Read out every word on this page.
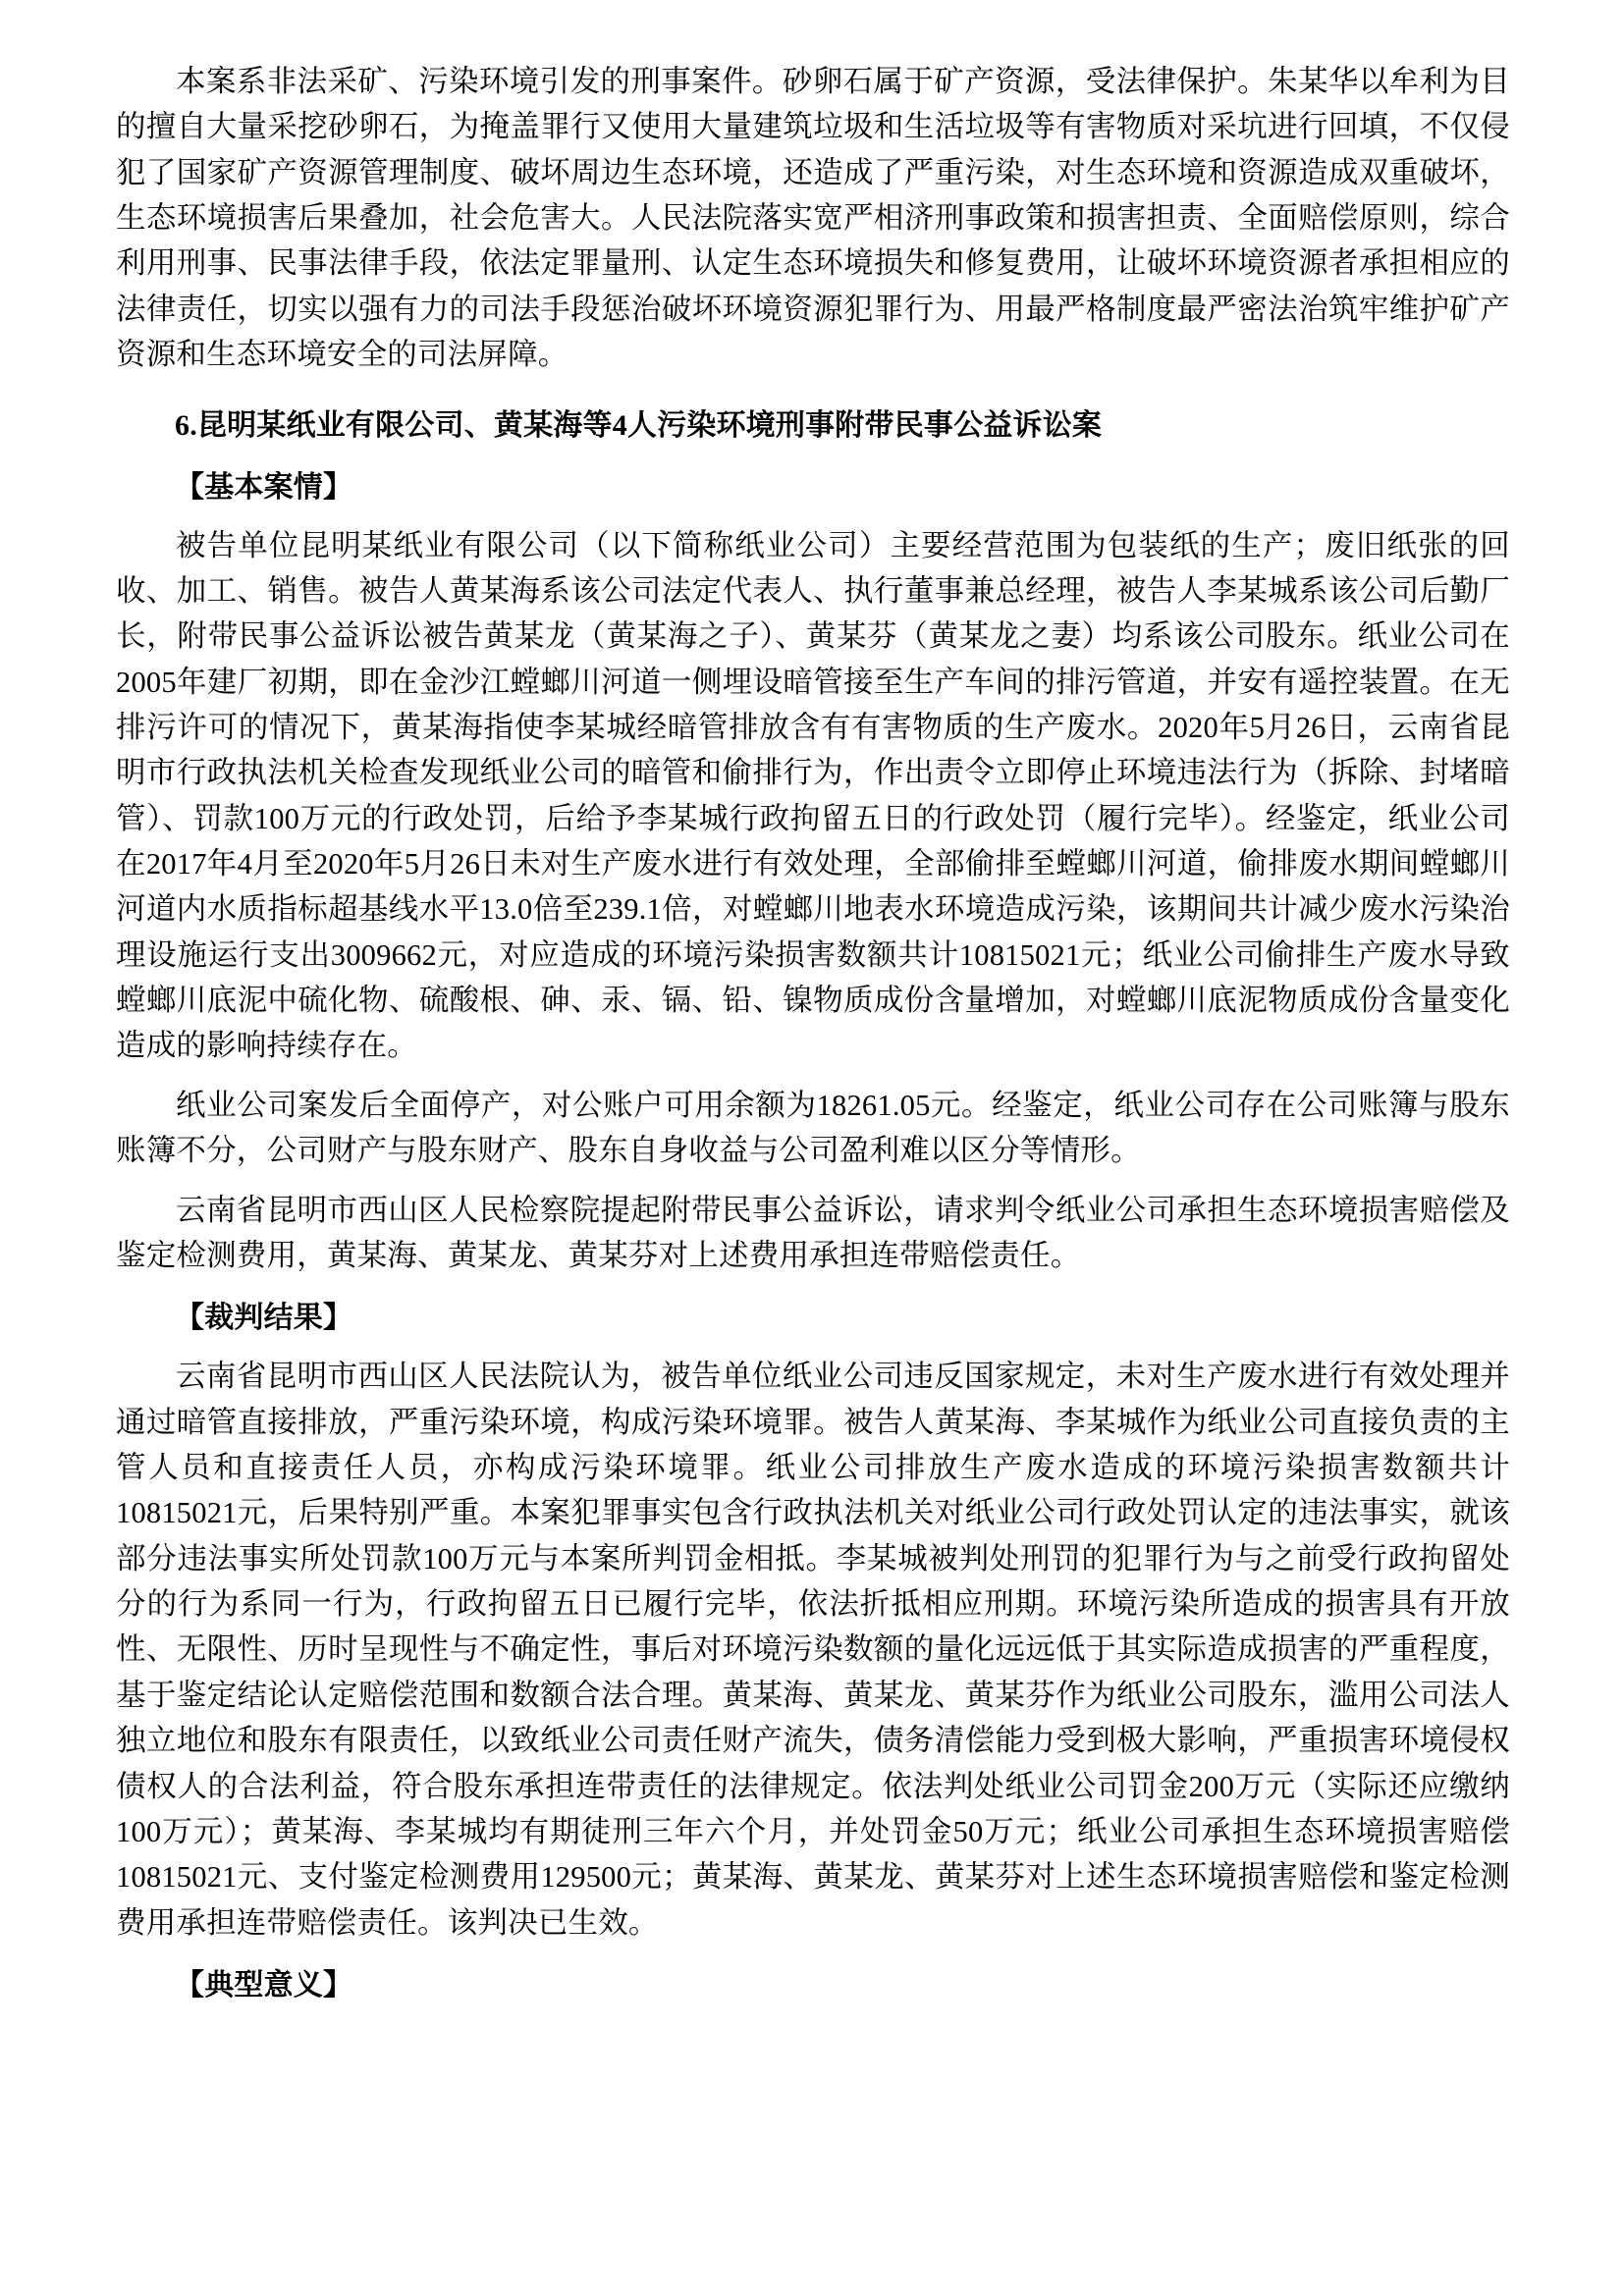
本案系非法采矿、污染环境引发的刑事案件。砂卵石属于矿产资源，受法律保护。朱某华以牟利为目的擅自大量采挖砂卵石，为掩盖罪行又使用大量建筑垃圾和生活垃圾等有害物质对采坑进行回填，不仅侵犯了国家矿产资源管理制度、破坏周边生态环境，还造成了严重污染，对生态环境和资源造成双重破坏，生态环境损害后果叠加，社会危害大。人民法院落实宽严相济刑事政策和损害担责、全面赔偿原则，综合利用刑事、民事法律手段，依法定罪量刑、认定生态环境损失和修复费用，让破坏环境资源者承担相应的法律责任，切实以强有力的司法手段惩治破坏环境资源犯罪行为、用最严格制度最严密法治筑牢维护矿产资源和生态环境安全的司法屏障。

6.昆明某纸业有限公司、黄某海等4人污染环境刑事附带民事公益诉讼案
【基本案情】

被告单位昆明某纸业有限公司（以下简称纸业公司）主要经营范围为包装纸的生产；废旧纸张的回收、加工、销售。被告人黄某海系该公司法定代表人、执行董事兼总经理，被告人李某城系该公司后勤厂长，附带民事公益诉讼被告黄某龙（黄某海之子）、黄某芬（黄某龙之妻）均系该公司股东。纸业公司在2005年建厂初期，即在金沙江螳螂川河道一侧埋设暗管接至生产车间的排污管道，并安有遥控装置。在无排污许可的情况下，黄某海指使李某城经暗管排放含有有害物质的生产废水。2020年5月26日，云南省昆明市行政执法机关检查发现纸业公司的暗管和偷排行为，作出责令立即停止环境违法行为（拆除、封堵暗管）、罚款100万元的行政处罚，后给予李某城行政拘留五日的行政处罚（履行完毕）。经鉴定，纸业公司在2017年4月至2020年5月26日未对生产废水进行有效处理，全部偷排至螳螂川河道，偷排废水期间螳螂川河道内水质指标超基线水平13.0倍至239.1倍，对螳螂川地表水环境造成污染，该期间共计减少废水污染治理设施运行支出3009662元，对应造成的环境污染损害数额共计10815021元；纸业公司偷排生产废水导致螳螂川底泥中硫化物、硫酸根、砷、汞、镉、铅、镍物质成份含量增加，对螳螂川底泥物质成份含量变化造成的影响持续存在。

纸业公司案发后全面停产，对公账户可用余额为18261.05元。经鉴定，纸业公司存在公司账簿与股东账簿不分，公司财产与股东财产、股东自身收益与公司盈利难以区分等情形。

云南省昆明市西山区人民检察院提起附带民事公益诉讼，请求判令纸业公司承担生态环境损害赔偿及鉴定检测费用，黄某海、黄某龙、黄某芬对上述费用承担连带赔偿责任。

【裁判结果】

云南省昆明市西山区人民法院认为，被告单位纸业公司违反国家规定，未对生产废水进行有效处理并通过暗管直接排放，严重污染环境，构成污染环境罪。被告人黄某海、李某城作为纸业公司直接负责的主管人员和直接责任人员，亦构成污染环境罪。纸业公司排放生产废水造成的环境污染损害数额共计10815021元，后果特别严重。本案犯罪事实包含行政执法机关对纸业公司行政处罚认定的违法事实，就该部分违法事实所处罚款100万元与本案所判罚金相抵。李某城被判处刑罚的犯罪行为与之前受行政拘留处分的行为系同一行为，行政拘留五日已履行完毕，依法折抵相应刑期。环境污染所造成的损害具有开放性、无限性、历时呈现性与不确定性，事后对环境污染数额的量化远远低于其实际造成损害的严重程度，基于鉴定结论认定赔偿范围和数额合法合理。黄某海、黄某龙、黄某芬作为纸业公司股东，滥用公司法人独立地位和股东有限责任，以致纸业公司责任财产流失，债务清偿能力受到极大影响，严重损害环境侵权债权人的合法利益，符合股东承担连带责任的法律规定。依法判处纸业公司罚金200万元（实际还应缴纳100万元）；黄某海、李某城均有期徒刑三年六个月，并处罚金50万元；纸业公司承担生态环境损害赔偿10815021元、支付鉴定检测费用129500元；黄某海、黄某龙、黄某芬对上述生态环境损害赔偿和鉴定检测费用承担连带赔偿责任。该判决已生效。

【典型意义】
